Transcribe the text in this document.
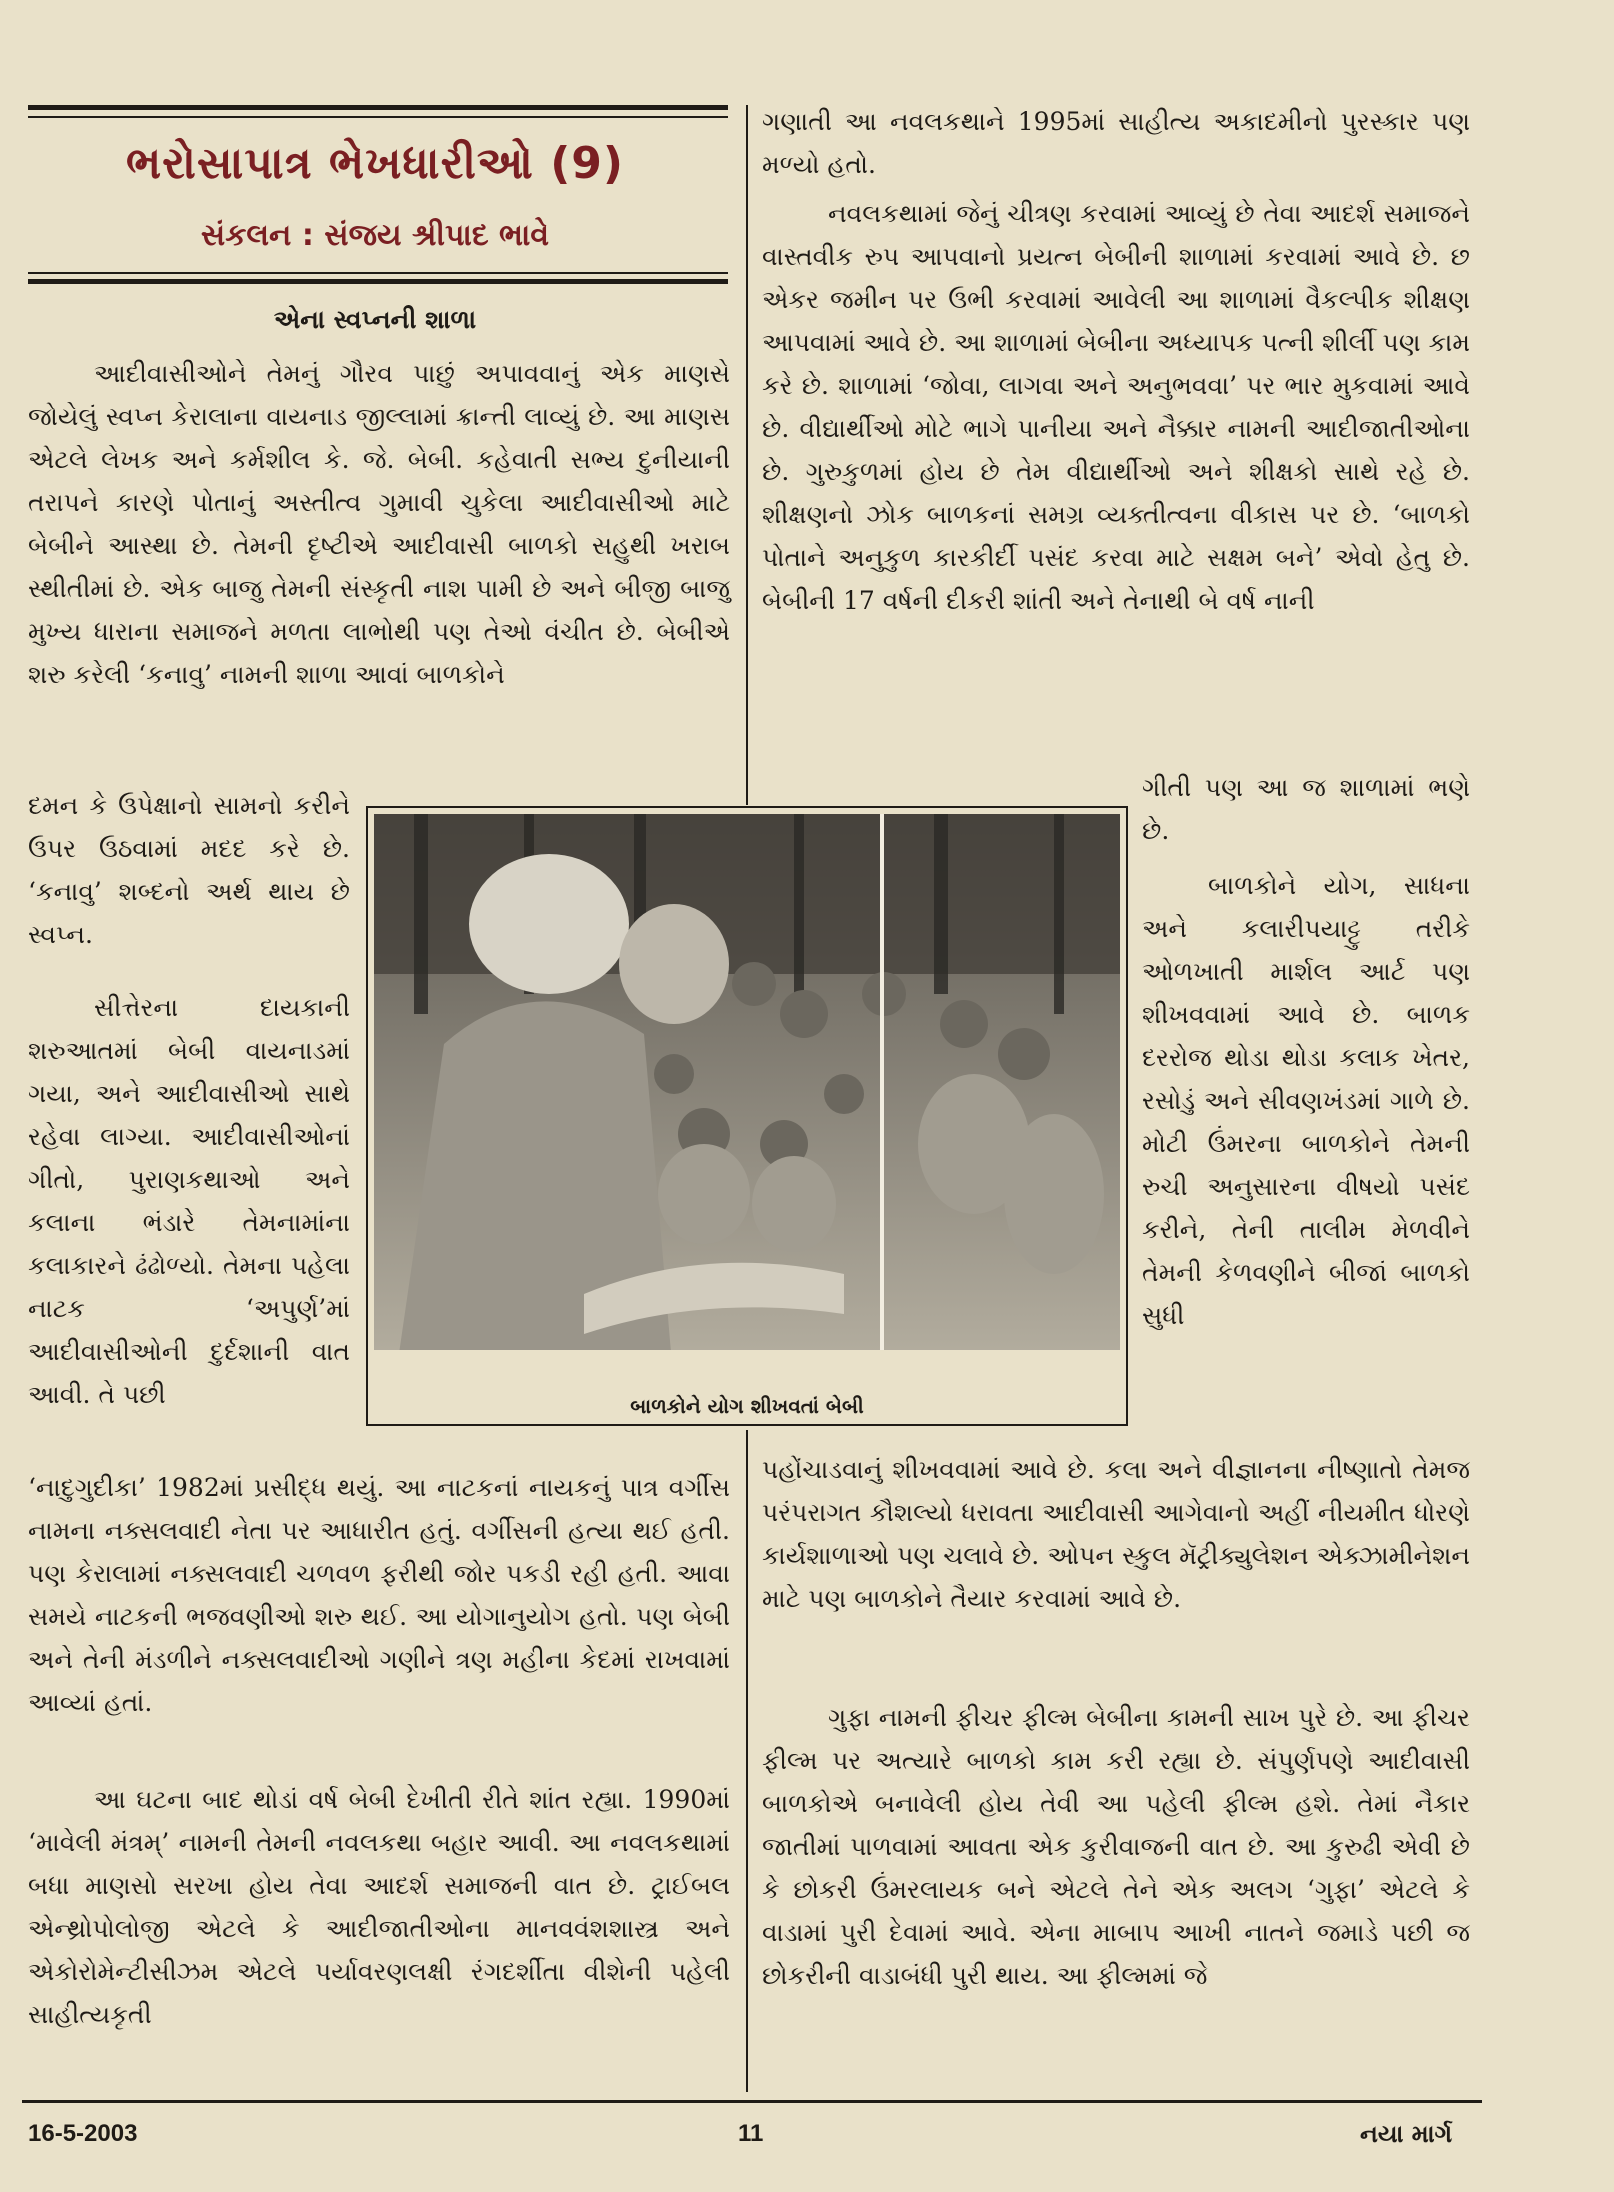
ભરોસાપાત્ર ભેખધારીઓ (9)
સંકલન : સંજય શ્રીપાદ ભાવે
એના સ્વપ્નની શાળા

આદીવાસીઓને તેમનું ગૌરવ પાછું અપાવવાનું એક માણસે જોયેલું સ્વપ્ન કેરાલાના વાયનાડ જીલ્લામાં ક્રાન્તી લાવ્યું છે. આ માણસ એટલે લેખક અને કર્મશીલ કે. જે. બેબી. કહેવાતી સભ્ય દુનીયાની તરાપને કારણે પોતાનું અસ્તીત્વ ગુમાવી ચુકેલા આદીવાસીઓ માટે બેબીને આસ્થા છે. તેમની દૃષ્ટીએ આદીવાસી બાળકો સહુથી ખરાબ સ્થીતીમાં છે. એક બાજુ તેમની સંસ્કૃતી નાશ પામી છે અને બીજી બાજુ મુખ્ય ધારાના સમાજને મળતા લાભોથી પણ તેઓ વંચીત છે. બેબીએ શરુ કરેલી ‘કનાવુ’ નામની શાળા આવાં બાળકોને

દમન કે ઉપેક્ષાનો સામનો કરીને ઉપર ઉઠવામાં મદદ કરે છે. ‘કનાવુ’ શબ્દનો અર્થ થાય છે સ્વપ્ન.

સીત્તેરના દાયકાની શરુઆતમાં બેબી વાયનાડમાં ગયા, અને આદીવાસીઓ સાથે રહેવા લાગ્યા. આદીવાસીઓનાં ગીતો, પુરાણકથાઓ અને કલાના ભંડારે તેમનામાંના કલાકારને ઢંઢોળ્યો. તેમના પહેલા નાટક ‘અપુર્ણ’માં આદીવાસીઓની દુર્દશાની વાત આવી. તે પછી

‘નાદુગુદીકા’ 1982માં પ્રસીદ્ધ થયું. આ નાટકનાં નાયકનું પાત્ર વર્ગીસ નામના નક્સલવાદી નેતા પર આધારીત હતું. વર્ગીસની હત્યા થઈ હતી. પણ કેરાલામાં નક્સલવાદી ચળવળ ફરીથી જોર પકડી રહી હતી. આવા સમયે નાટકની ભજવણીઓ શરુ થઈ. આ યોગાનુયોગ હતો. પણ બેબી અને તેની મંડળીને નક્સલવાદીઓ ગણીને ત્રણ મહીના કેદમાં રાખવામાં આવ્યાં હતાં.

આ ઘટના બાદ થોડાં વર્ષ બેબી દેખીતી રીતે શાંત રહ્યા. 1990માં ‘માવેલી મંત્રમ્’ નામની તેમની નવલકથા બહાર આવી. આ નવલકથામાં બધા માણસો સરખા હોય તેવા આદર્શ સમાજની વાત છે. ટ્રાઈબલ એન્થ્રોપોલોજી એટલે કે આદીજાતીઓના માનવવંશશાસ્ત્ર અને એકોરોમેન્ટીસીઝમ એટલે પર્યાવરણલક્ષી રંગદર્શીતા વીશેની પહેલી સાહીત્યકૃતી

ગણાતી આ નવલકથાને 1995માં સાહીત્ય અકાદમીનો પુરસ્કાર પણ મળ્યો હતો.

નવલકથામાં જેનું ચીત્રણ કરવામાં આવ્યું છે તેવા આદર્શ સમાજને વાસ્તવીક રુપ આપવાનો પ્રયત્ન બેબીની શાળામાં કરવામાં આવે છે. છ એકર જમીન પર ઉભી કરવામાં આવેલી આ શાળામાં વૈકલ્પીક શીક્ષણ આપવામાં આવે છે. આ શાળામાં બેબીના અધ્યાપક પત્ની શીર્લી પણ કામ કરે છે. શાળામાં ‘જોવા, લાગવા અને અનુભવવા’ પર ભાર મુકવામાં આવે છે. વીદ્યાર્થીઓ મોટે ભાગે પાનીયા અને નૈક્કાર નામની આદીજાતીઓના છે. ગુરુકુળમાં હોય છે તેમ વીદ્યાર્થીઓ અને શીક્ષકો સાથે રહે છે. શીક્ષણનો ઝોક બાળકનાં સમગ્ર વ્યક્તીત્વના વીકાસ પર છે. ‘બાળકો પોતાને અનુકુળ કારકીર્દી પસંદ કરવા માટે સક્ષમ બને’ એવો હેતુ છે. બેબીની 17 વર્ષની દીકરી શાંતી અને તેનાથી બે વર્ષ નાની

ગીતી પણ આ જ શાળામાં ભણે છે.

બાળકોને યોગ, સાધના અને કલારીપયાટ્ટુ તરીકે ઓળખાતી માર્શલ આર્ટ પણ શીખવવામાં આવે છે. બાળક દરરોજ થોડા થોડા કલાક ખેતર, રસોડું અને સીવણખંડમાં ગાળે છે. મોટી ઉંમરના બાળકોને તેમની રુચી અનુસારના વીષયો પસંદ કરીને, તેની તાલીમ મેળવીને તેમની કેળવણીને બીજાં બાળકો સુધી

પહોંચાડવાનું શીખવવામાં આવે છે. કલા અને વીજ્ઞાનના નીષ્ણાતો તેમજ પરંપરાગત કૌશલ્યો ધરાવતા આદીવાસી આગેવાનો અહીં નીયમીત ધોરણે કાર્યશાળાઓ પણ ચલાવે છે. ઓપન સ્કુલ મૅટ્રીક્યુલેશન એક્ઝામીનેશન માટે પણ બાળકોને તૈયાર કરવામાં આવે છે.

ગુફા નામની ફીચર ફીલ્મ બેબીના કામની સાખ પુરે છે. આ ફીચર ફીલ્મ પર અત્યારે બાળકો કામ કરી રહ્યા છે. સંપુર્ણપણે આદીવાસી બાળકોએ બનાવેલી હોય તેવી આ પહેલી ફીલ્મ હશે. તેમાં નૈકાર જાતીમાં પાળવામાં આવતા એક કુરીવાજની વાત છે. આ કુરુઢી એવી છે કે છોકરી ઉંમરલાયક બને એટલે તેને એક અલગ ‘ગુફા’ એટલે કે વાડામાં પુરી દેવામાં આવે. એના માબાપ આખી નાતને જમાડે પછી જ છોકરીની વાડાબંધી પુરી થાય. આ ફીલ્મમાં જે

બાળકોને યોગ શીખવતાં બેબી
16-5-2003	11	નયા માર્ગ
